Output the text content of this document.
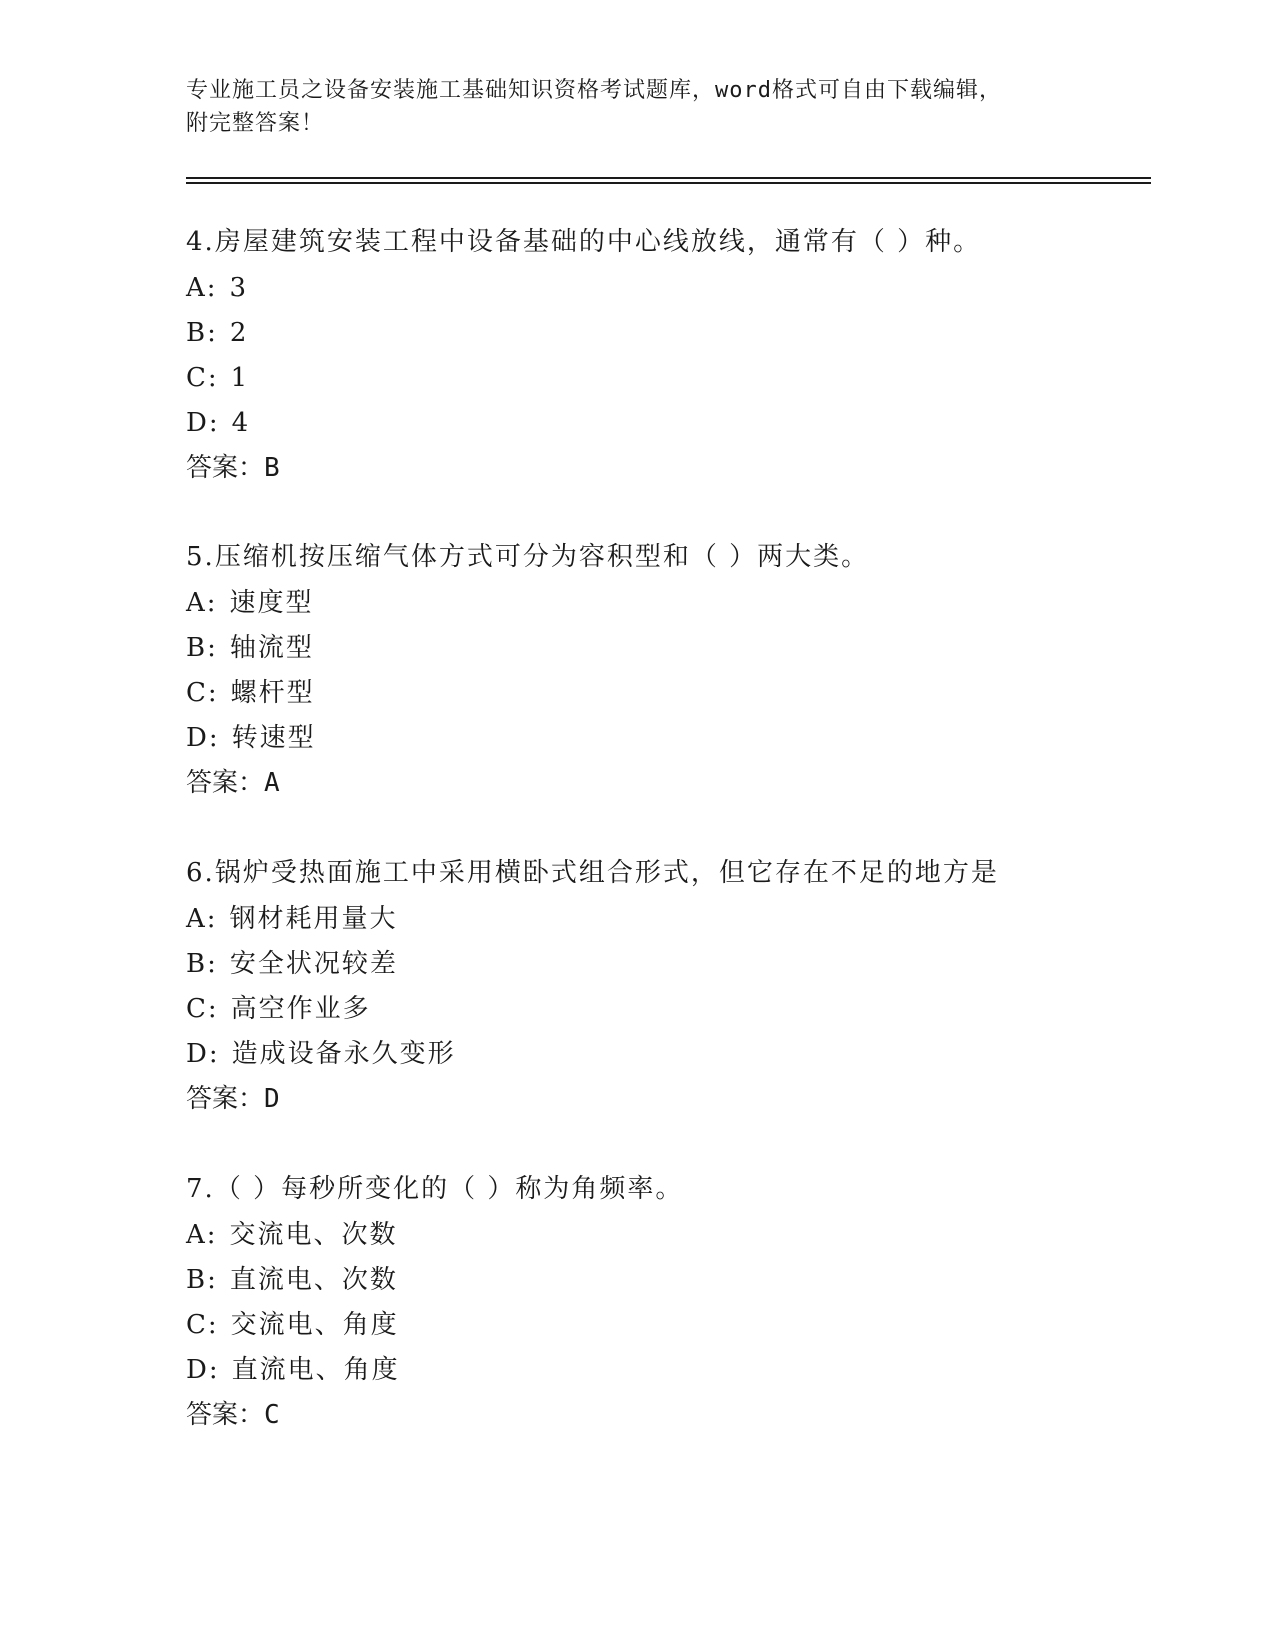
专业施工员之设备安装施工基础知识资格考试题库，word格式可自由下载编辑，
附完整答案！
4.房屋建筑安装工程中设备基础的中心线放线，通常有（ ）种。
A: 3
B: 2
C: 1
D: 4
答案：B
5.压缩机按压缩气体方式可分为容积型和（ ）两大类。
A: 速度型
B: 轴流型
C: 螺杆型
D: 转速型
答案：A
6.锅炉受热面施工中采用横卧式组合形式，但它存在不足的地方是
A: 钢材耗用量大
B: 安全状况较差
C: 高空作业多
D: 造成设备永久变形
答案：D
7.（ ）每秒所变化的（ ）称为角频率。
A: 交流电、次数
B: 直流电、次数
C: 交流电、角度
D: 直流电、角度
答案：C
